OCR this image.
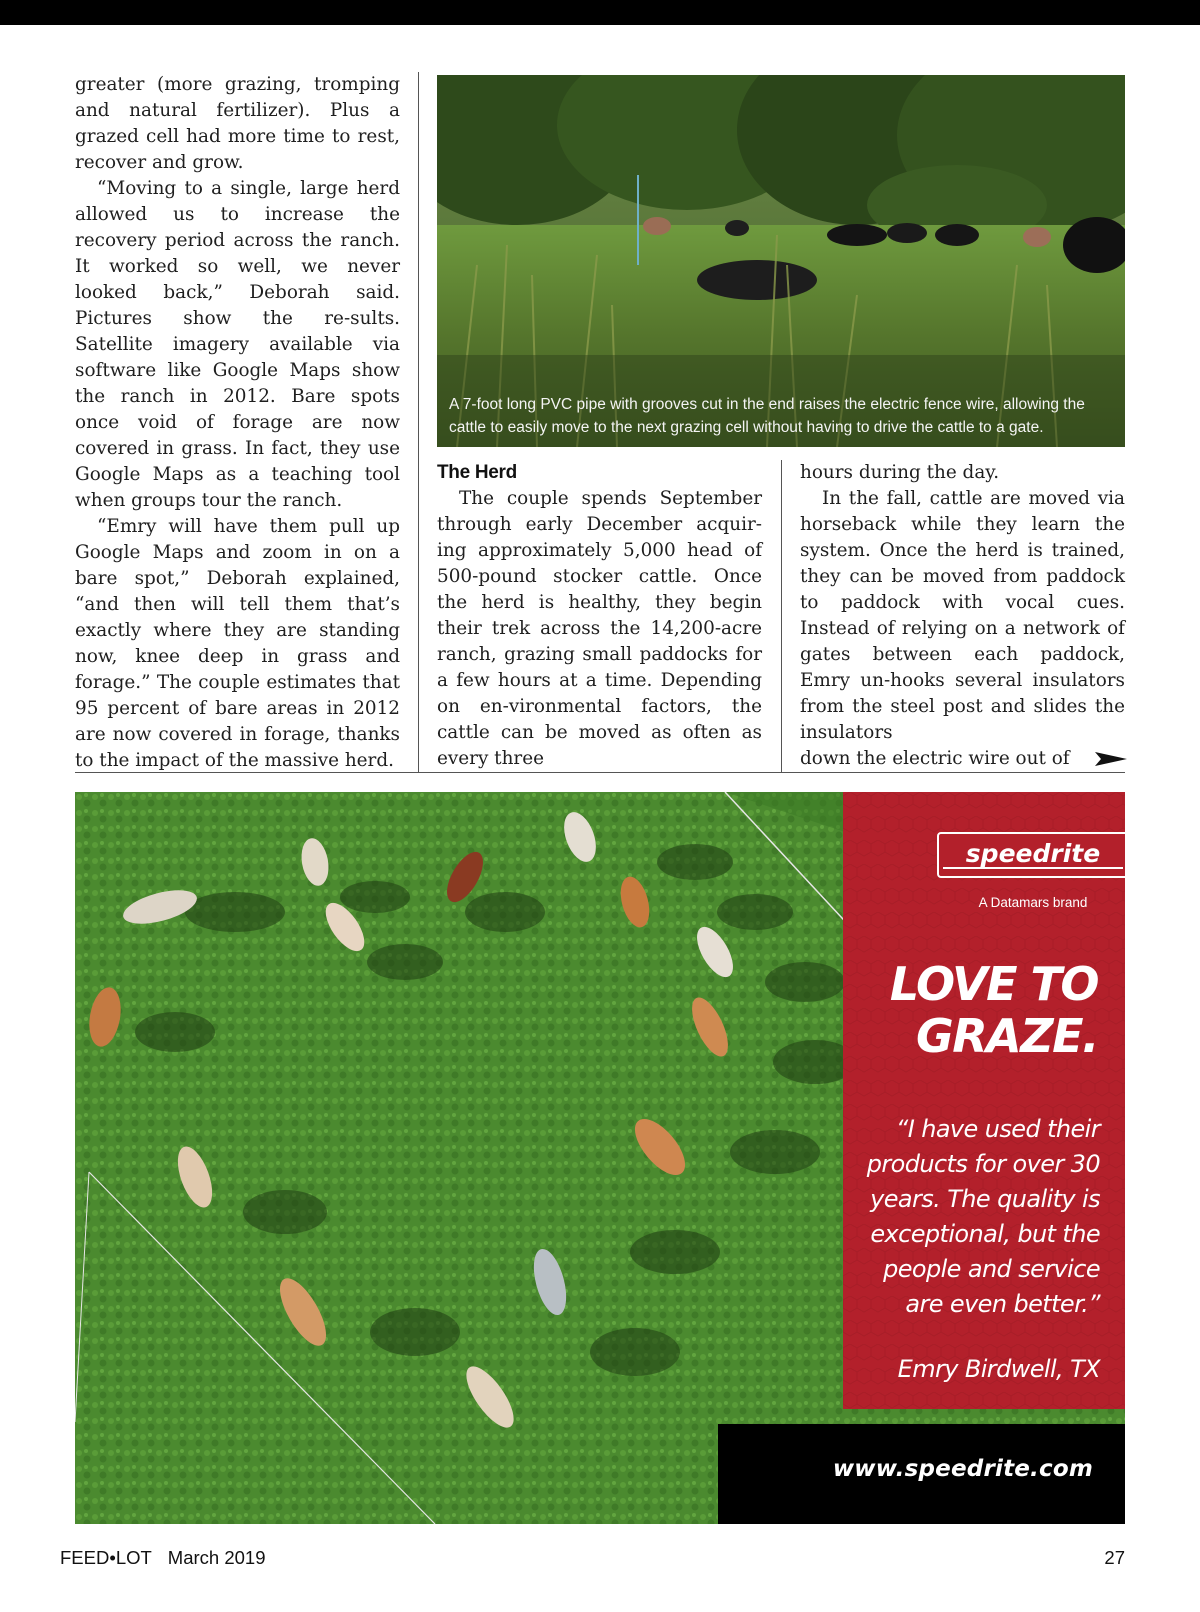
greater (more grazing, tromping and natural fertilizer). Plus a grazed cell had more time to rest, recover and grow.

“Moving to a single, large herd allowed us to increase the recovery period across the ranch. It worked so well, we never looked back,” Deborah said. Pictures show the re-sults. Satellite imagery available via software like Google Maps show the ranch in 2012. Bare spots once void of forage are now covered in grass. In fact, they use Google Maps as a teaching tool when groups tour the ranch.

“Emry will have them pull up Google Maps and zoom in on a bare spot,” Deborah explained, “and then will tell them that’s exactly where they are standing now, knee deep in grass and forage.” The couple estimates that 95 percent of bare areas in 2012 are now covered in forage, thanks to the impact of the massive herd.

A 7-foot long PVC pipe with grooves cut in the end raises the electric fence wire, allowing the cattle to easily move to the next grazing cell without having to drive the cattle to a gate.

The Herd

The couple spends September through early December acquir-ing approximately 5,000 head of 500-pound stocker cattle. Once the herd is healthy, they begin their trek across the 14,200-acre ranch, grazing small paddocks for a few hours at a time. Depending on en-vironmental factors, the cattle can be moved as often as every three

hours during the day.

In the fall, cattle are moved via horseback while they learn the system. Once the herd is trained, they can be moved from paddock to paddock with vocal cues. Instead of relying on a network of gates between each paddock, Emry un-hooks several insulators from the steel post and slides the insulators

down the electric wire out of

speedrite
A Datamars brand
LOVE TO
GRAZE.
“I have used their
products for over 30
years. The quality is
exceptional, but the
people and service
are even better.”
Emry Birdwell, TX
www.speedrite.com
FEED•LOT March 2019	27
